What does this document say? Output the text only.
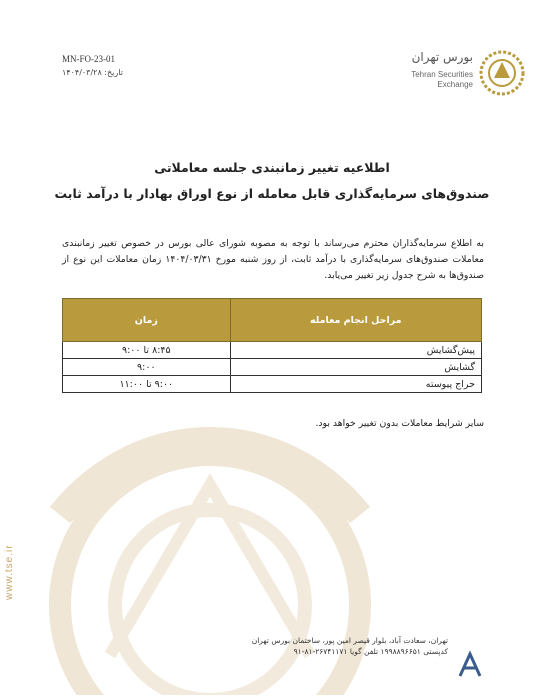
www.tse.ir
MN-FO-23-01
تاریخ: ۱۴۰۴/۰۳/۲۸
بورس تهران
Tehran Securities
Exchange
اطلاعیه تغییر زمانبندی جلسه معاملاتی
صندوق‌های سرمایه‌گذاری قابل معامله از نوع اوراق بهادار با درآمد ثابت
به اطلاع سرمایه‌گذاران محترم می‌رساند با توجه به مصوبه شورای عالی بورس در خصوص تغییر زمانبندی معاملات صندوق‌های سرمایه‌گذاری با درآمد ثابت، از روز شنبه مورخ ۱۴۰۴/۰۳/۳۱ زمان معاملات این نوع از صندوق‌ها به شرح جدول زیر تغییر می‌یابد.
مراحل انجام معامله	زمان
پیش‌گشایش	۸:۴۵ تا ۹:۰۰
گشایش	۹:۰۰
حراج پیوسته	۹:۰۰ تا ۱۱:۰۰
سایر شرایط معاملات بدون تغییر خواهد بود.
تهران، سعادت آباد، بلوار قیصر امین پور، ساختمان بورس تهران
کدپستی ۱۹۹۸۸۹۶۶۵۱ تلفن گویا ۲۶۷۴۱۱۷۱-۸۱-۹۱
